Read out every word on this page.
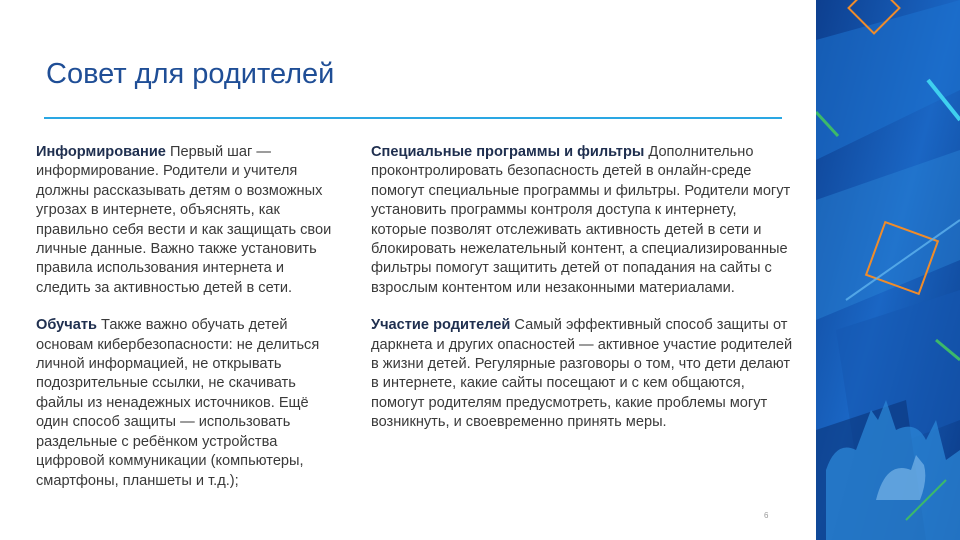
Совет для родителей

Информирование Первый шаг — информирование. Родители и учителя должны рассказывать детям о возможных угрозах в интернете, объяснять, как правильно себя вести и как защищать свои личные данные. Важно также установить правила использования интернета и следить за активностью детей в сети.

Обучать Также важно обучать детей основам кибербезопасности: не делиться личной информацией, не открывать подозрительные ссылки, не скачивать файлы из ненадежных источников. Ещё один способ защиты — использовать раздельные с ребёнком устройства цифровой коммуникации (компьютеры, смартфоны, планшеты и т.д.);

Специальные программы и фильтры Дополнительно проконтролировать безопасность детей в онлайн-среде помогут специальные программы и фильтры. Родители могут установить программы контроля доступа к интернету, которые позволят отслеживать активность детей в сети и блокировать нежелательный контент, а специализированные фильтры помогут защитить детей от попадания на сайты с взрослым контентом или незаконными материалами.

Участие родителей Самый эффективный способ защиты от даркнета и других опасностей — активное участие родителей в жизни детей. Регулярные разговоры о том, что дети делают в интернете, какие сайты посещают и с кем общаются, помогут родителям предусмотреть, какие проблемы могут возникнуть, и своевременно принять меры.

6
